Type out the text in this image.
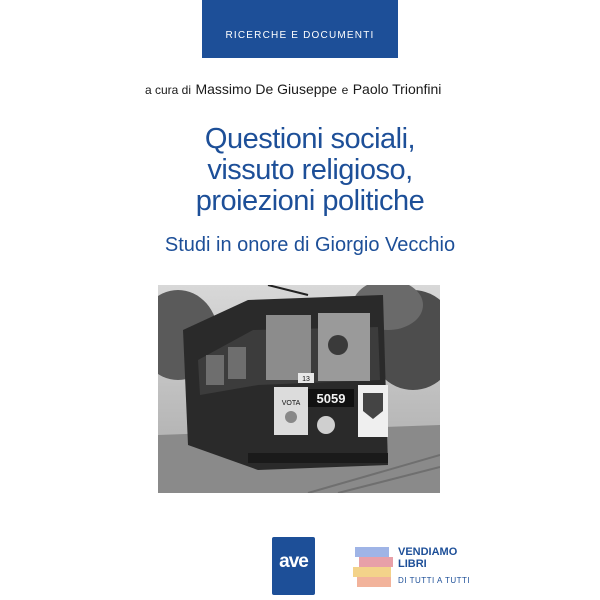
RICERCHE E DOCUMENTI
a cura di Massimo De Giuseppe e Paolo Trionfini
Questioni sociali,
vissuto religioso,
proiezioni politiche
Studi in onore di Giorgio Vecchio
13
VOTA 5059
ave	VENDIAMO
LIBRI
DI TUTTI A TUTTI
